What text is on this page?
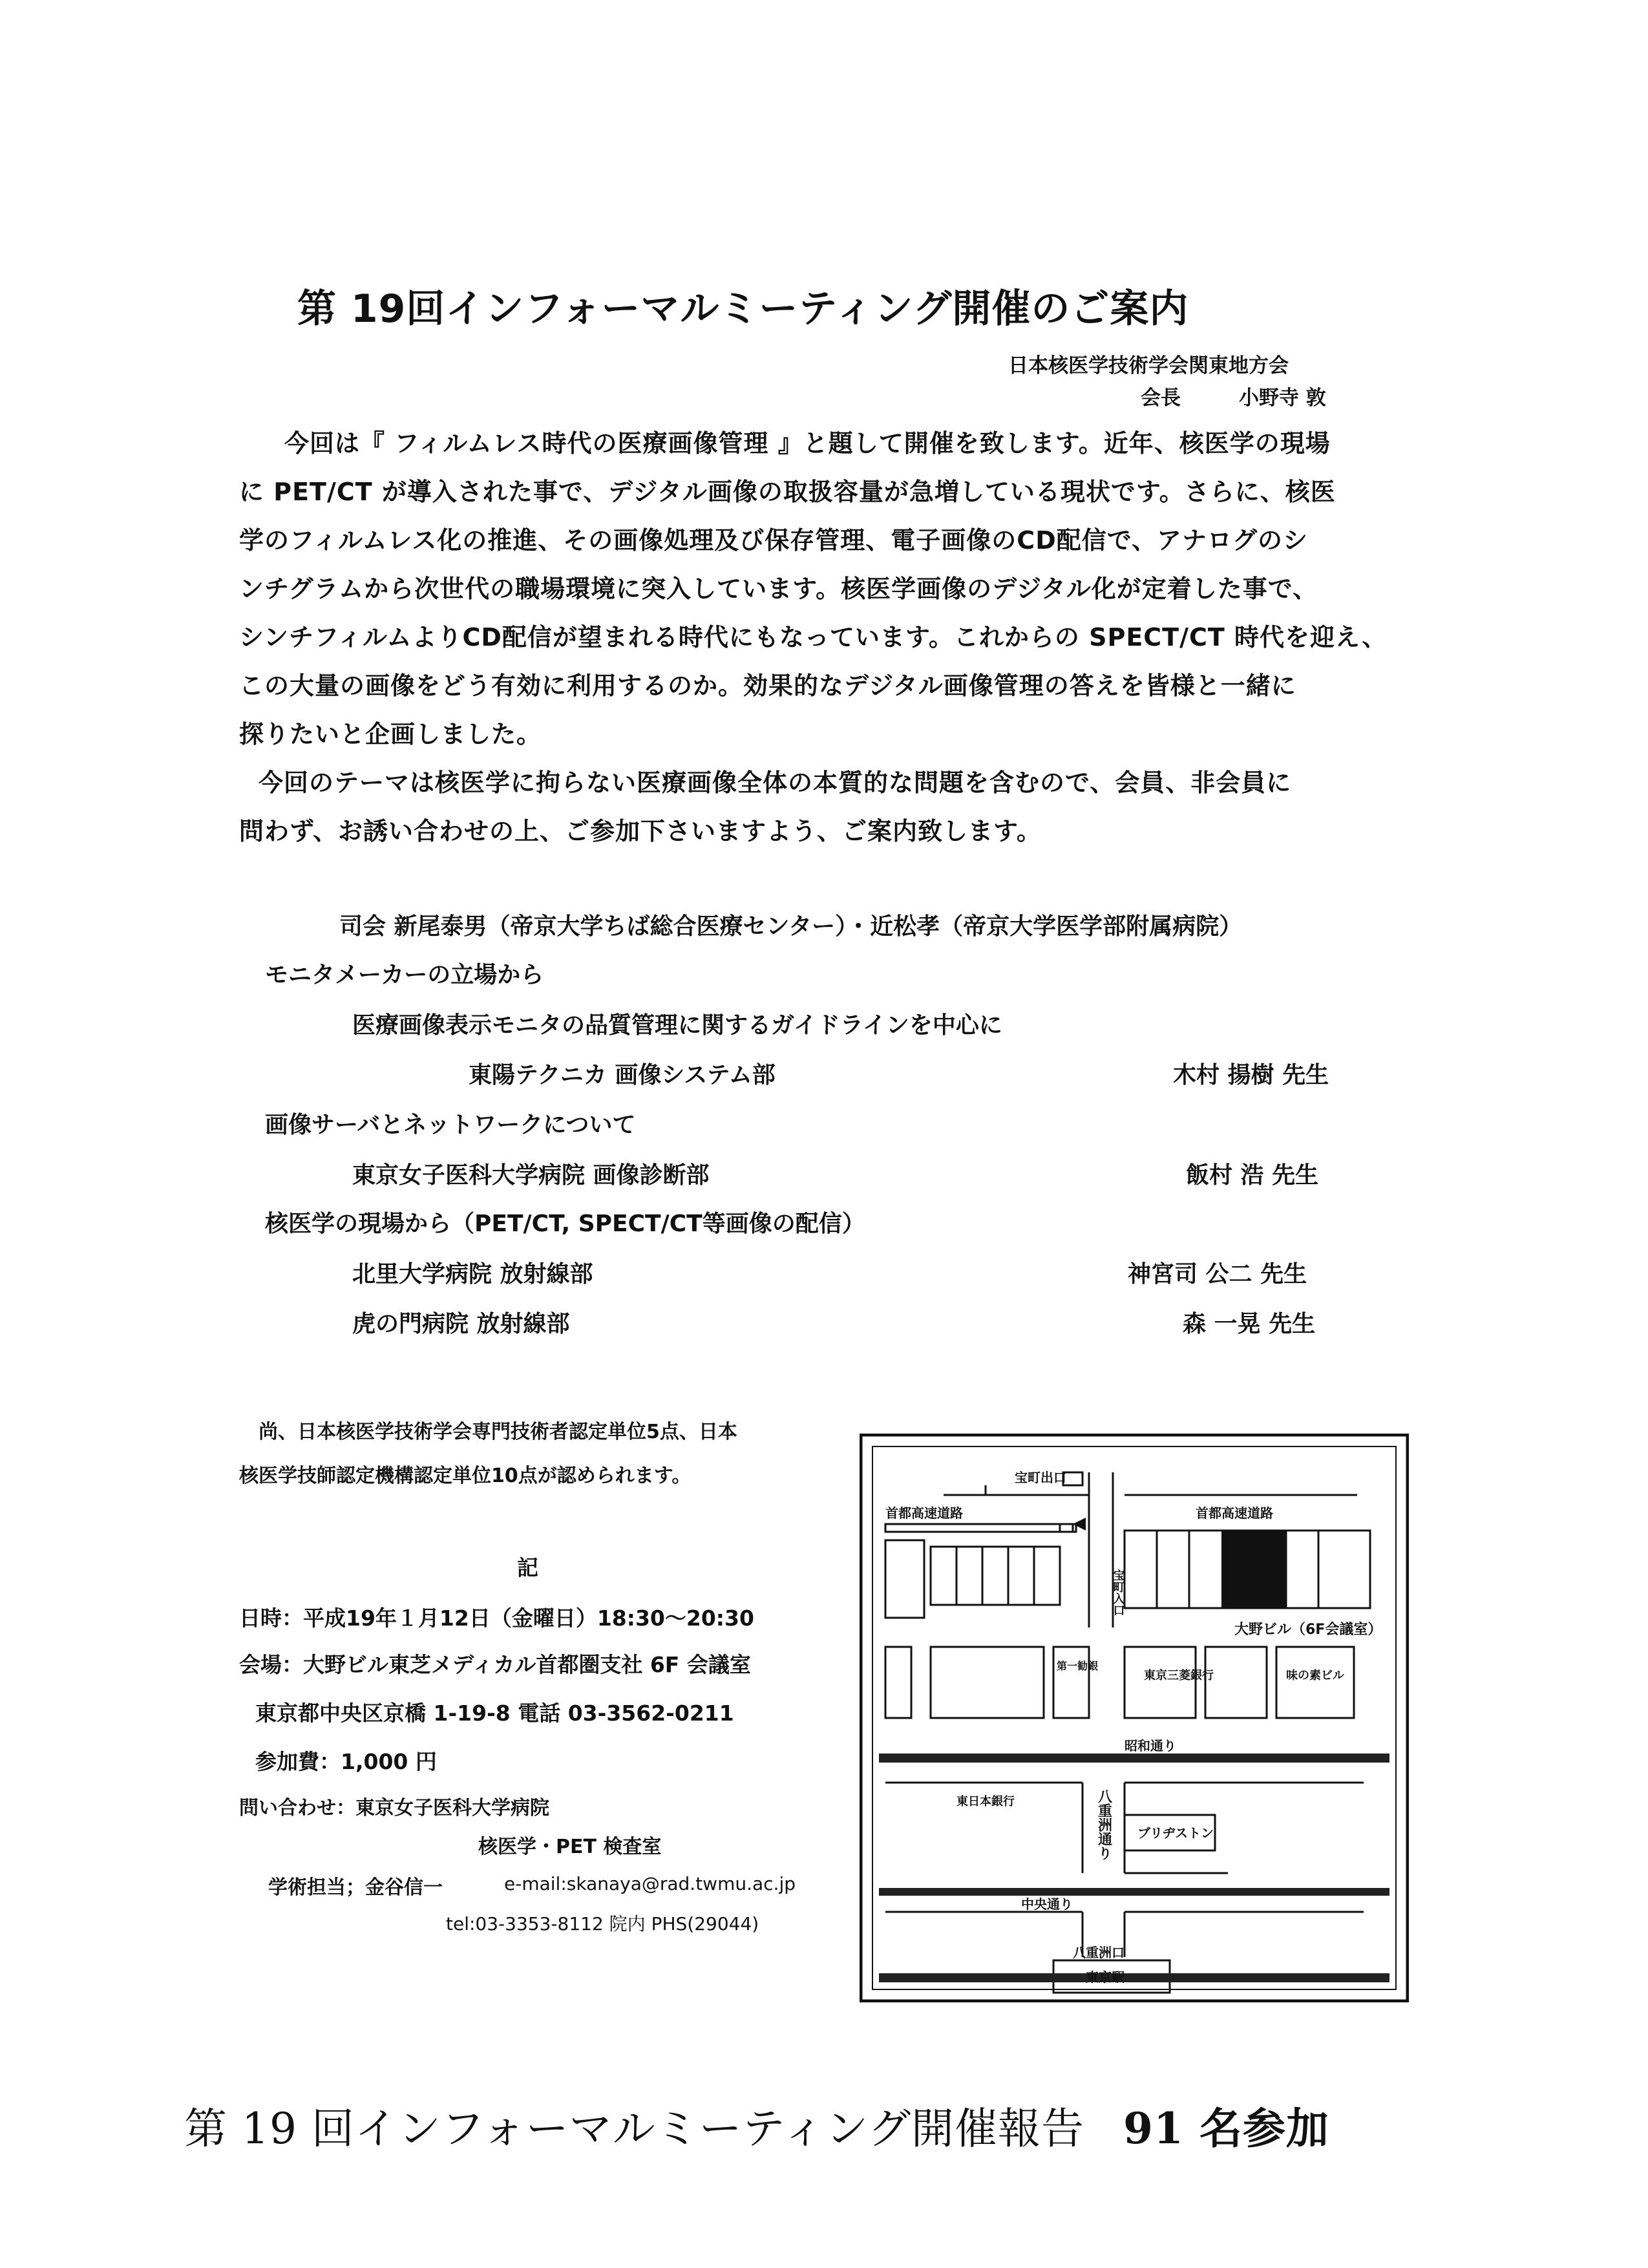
第 19回インフォーマルミーティング開催のご案内
日本核医学技術学会関東地方会
会長	小野寺 敦
今回は『 フィルムレス時代の医療画像管理 』と題して開催を致します。近年、核医学の現場
に PET/CT が導入された事で、デジタル画像の取扱容量が急増している現状です。さらに、核医
学のフィルムレス化の推進、その画像処理及び保存管理、電子画像のCD配信で、アナログのシ
ンチグラムから次世代の職場環境に突入しています。核医学画像のデジタル化が定着した事で、
シンチフィルムよりCD配信が望まれる時代にもなっています。これからの SPECT/CT 時代を迎え、
この大量の画像をどう有効に利用するのか。効果的なデジタル画像管理の答えを皆様と一緒に
探りたいと企画しました。
今回のテーマは核医学に拘らない医療画像全体の本質的な問題を含むので、会員、非会員に
問わず、お誘い合わせの上、ご参加下さいますよう、ご案内致します。
司会 新尾泰男（帝京大学ちば総合医療センター）・近松孝（帝京大学医学部附属病院）
モニタメーカーの立場から
医療画像表示モニタの品質管理に関するガイドラインを中心に
東陽テクニカ 画像システム部	木村 揚樹 先生
画像サーバとネットワークについて
東京女子医科大学病院 画像診断部	飯村 浩 先生
核医学の現場から（PET/CT, SPECT/CT等画像の配信）
北里大学病院 放射線部	神宮司 公二 先生
虎の門病院 放射線部	森 一晃 先生
尚、日本核医学技術学会専門技術者認定単位5点、日本
核医学技師認定機構認定単位10点が認められます。
記
日時：平成19年１月12日（金曜日）18:30〜20:30
会場：大野ビル東芝メディカル首都圏支社 6F 会議室
東京都中央区京橋 1-19-8 電話 03-3562-0211
参加費：1,000 円
問い合わせ：東京女子医科大学病院
核医学・PET 検査室
学術担当；金谷信一	e-mail:skanaya@rad.twmu.ac.jp
tel:03-3353-8112 院内 PHS(29044)
宝町出口
首都高速道路	首都高速道路
宝町入口
大野ビル（6F会議室）
第一勧銀
東京三菱銀行	味の素ビル
昭和通り
八重洲通り
東日本銀行
ブリヂストン
中央通り
八重洲口
東京駅
第 19 回インフォーマルミーティング開催報告 91 名参加
